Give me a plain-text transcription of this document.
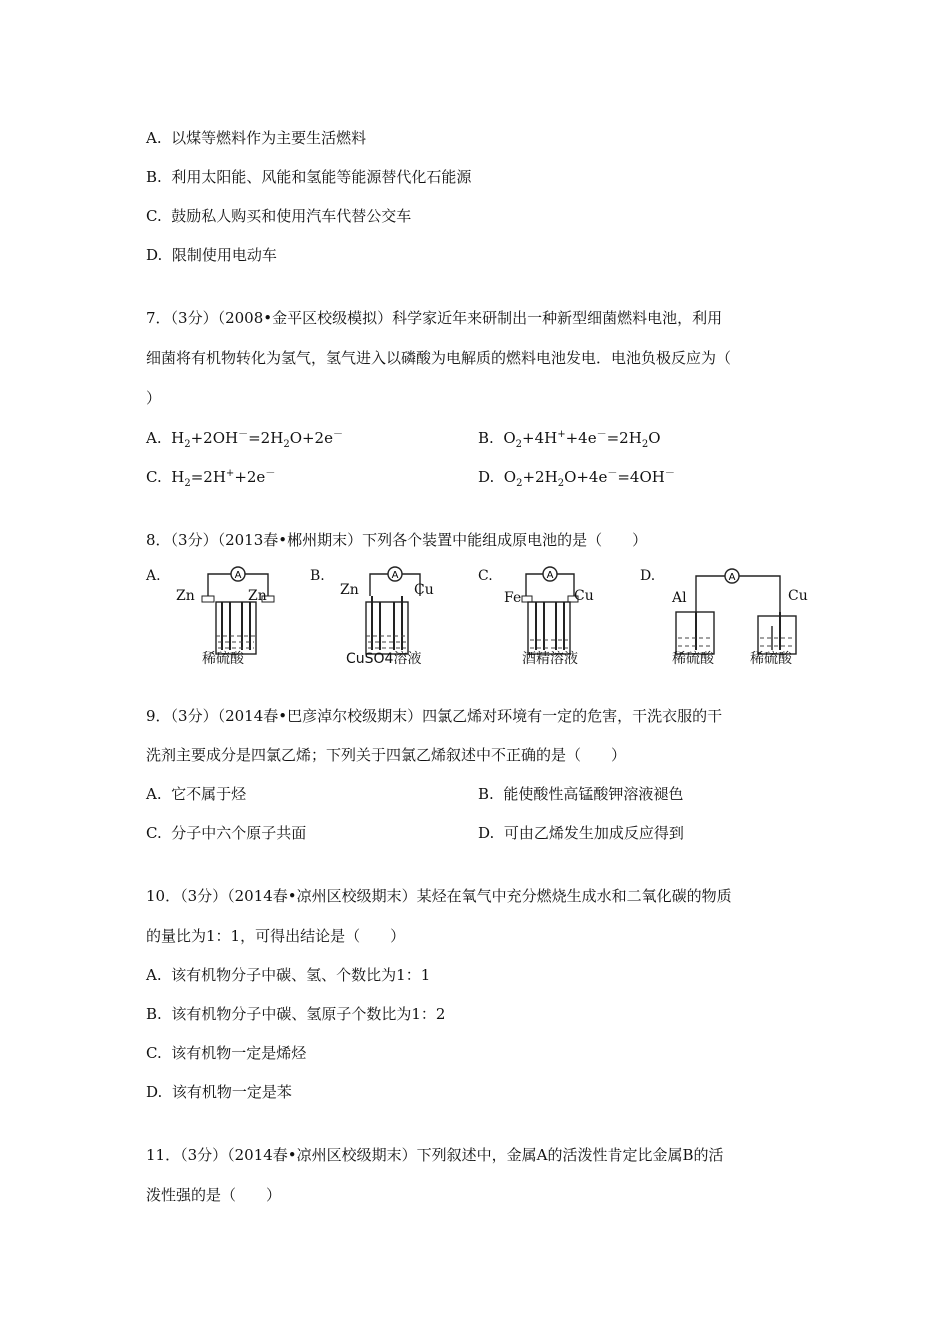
A. 以煤等燃料作为主要生活燃料
B. 利用太阳能、风能和氢能等能源替代化石能源
C. 鼓励私人购买和使用汽车代替公交车
D. 限制使用电动车
7．（3分）（2008•金平区校级模拟）科学家近年来研制出一种新型细菌燃料电池，利用
细菌将有机物转化为氢气，氢气进入以磷酸为电解质的燃料电池发电．电池负极反应为（
）
A.  $H_2+2OH^-=2H_2O+2e^-$	B.  $O_2+4H^++4e^-=2H_2O$
C.  $H_2=2H^++2e^-$	D.  $O_2+2H_2O+4e^-=4OH^-$
8．（3分）（2013春•郴州期末）下列各个装置中能组成原电池的是（　　）
A.	A
Zn	Zn
稀硫酸
B.	A
Zn	Cu
CuSO4溶液
C.	A
Fe	Cu
酒精溶液
D.	A
Al	Cu
稀硫酸	稀硫酸
9．（3分）（2014春•巴彦淖尔校级期末）四氯乙烯对环境有一定的危害，干洗衣服的干
洗剂主要成分是四氯乙烯；下列关于四氯乙烯叙述中不正确的是（　　）
A. 它不属于烃	B. 能使酸性高锰酸钾溶液褪色
C. 分子中六个原子共面	D. 可由乙烯发生加成反应得到
10．（3分）（2014春•凉州区校级期末）某烃在氧气中充分燃烧生成水和二氧化碳的物质
的量比为1：1，可得出结论是（　　）
A. 该有机物分子中碳、氢、个数比为1：1
B. 该有机物分子中碳、氢原子个数比为1：2
C. 该有机物一定是烯烃
D. 该有机物一定是苯
11．（3分）（2014春•凉州区校级期末）下列叙述中，金属A的活泼性肯定比金属B的活
泼性强的是（　　）
